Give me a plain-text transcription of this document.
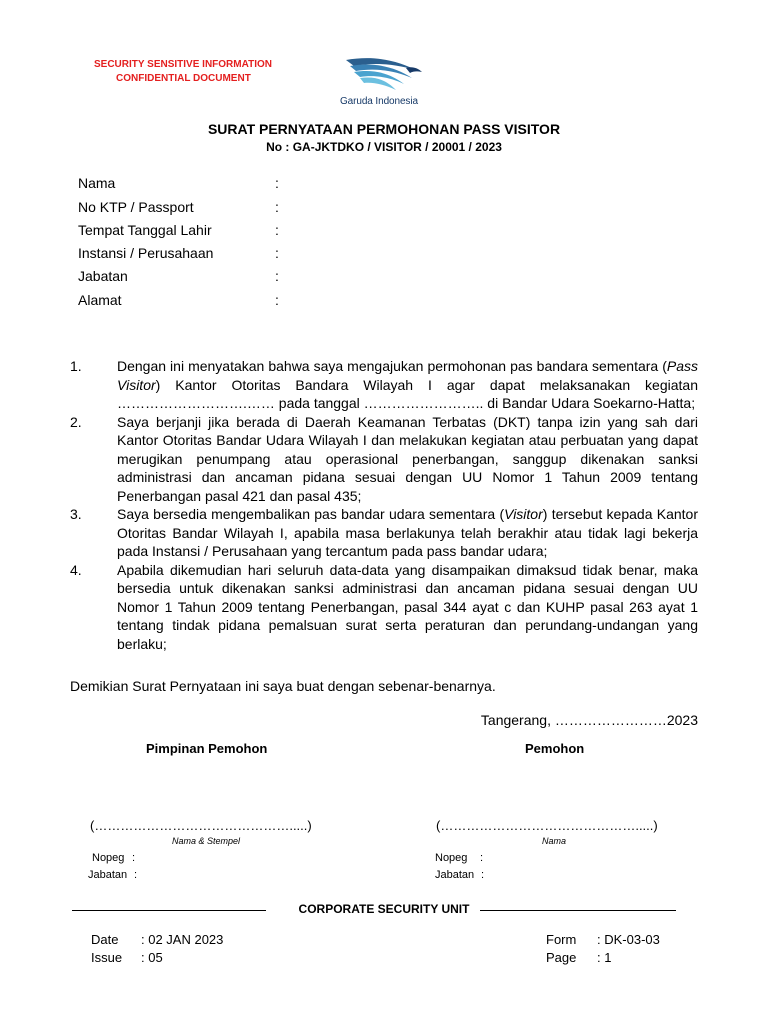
SECURITY SENSITIVE INFORMATION
CONFIDENTIAL DOCUMENT
Garuda Indonesia
SURAT PERNYATAAN PERMOHONAN PASS VISITOR
No : GA-JKTDKO / VISITOR / 20001 / 2023
Nama	:
No KTP / Passport	:
Tempat Tanggal Lahir	:
Instansi / Perusahaan	:
Jabatan	:
Alamat	:
1.	Dengan ini menyatakan bahwa saya mengajukan permohonan pas bandara sementara (Pass Visitor) Kantor Otoritas Bandara Wilayah I agar dapat melaksanakan kegiatan ……………………….…… pada tanggal …………………….. di Bandar Udara Soekarno-Hatta;
2.	Saya berjanji jika berada di Daerah Keamanan Terbatas (DKT) tanpa izin yang sah dari Kantor Otoritas Bandar Udara Wilayah I dan melakukan kegiatan atau perbuatan yang dapat merugikan penumpang atau operasional penerbangan, sanggup dikenakan sanksi administrasi dan ancaman pidana sesuai dengan UU Nomor 1 Tahun 2009 tentang Penerbangan pasal 421 dan pasal 435;
3.	Saya bersedia mengembalikan pas bandar udara sementara (Visitor) tersebut kepada Kantor Otoritas Bandar Wilayah I, apabila masa berlakunya telah berakhir atau tidak lagi bekerja pada Instansi / Perusahaan yang tercantum pada pass bandar udara;
4.	Apabila dikemudian hari seluruh data-data yang disampaikan dimaksud tidak benar, maka bersedia untuk dikenakan sanksi administrasi dan ancaman pidana sesuai dengan UU Nomor 1 Tahun 2009 tentang Penerbangan, pasal 344 ayat c dan KUHP pasal 263 ayat 1 tentang tindak pidana pemalsuan surat serta peraturan dan perundang-undangan yang berlaku;
Demikian Surat Pernyataan ini saya buat dengan sebenar-benarnya.
Tangerang, ……………………2023
Pimpinan Pemohon	Pemohon
(……………………………………….....)	(……………………………………….....)
Nama & Stempel	Nama
Nopeg :
Jabatan :
Nopeg :
Jabatan :
CORPORATE SECURITY UNIT
Date : 02 JAN 2023
Issue : 05
Form : DK-03-03
Page : 1
